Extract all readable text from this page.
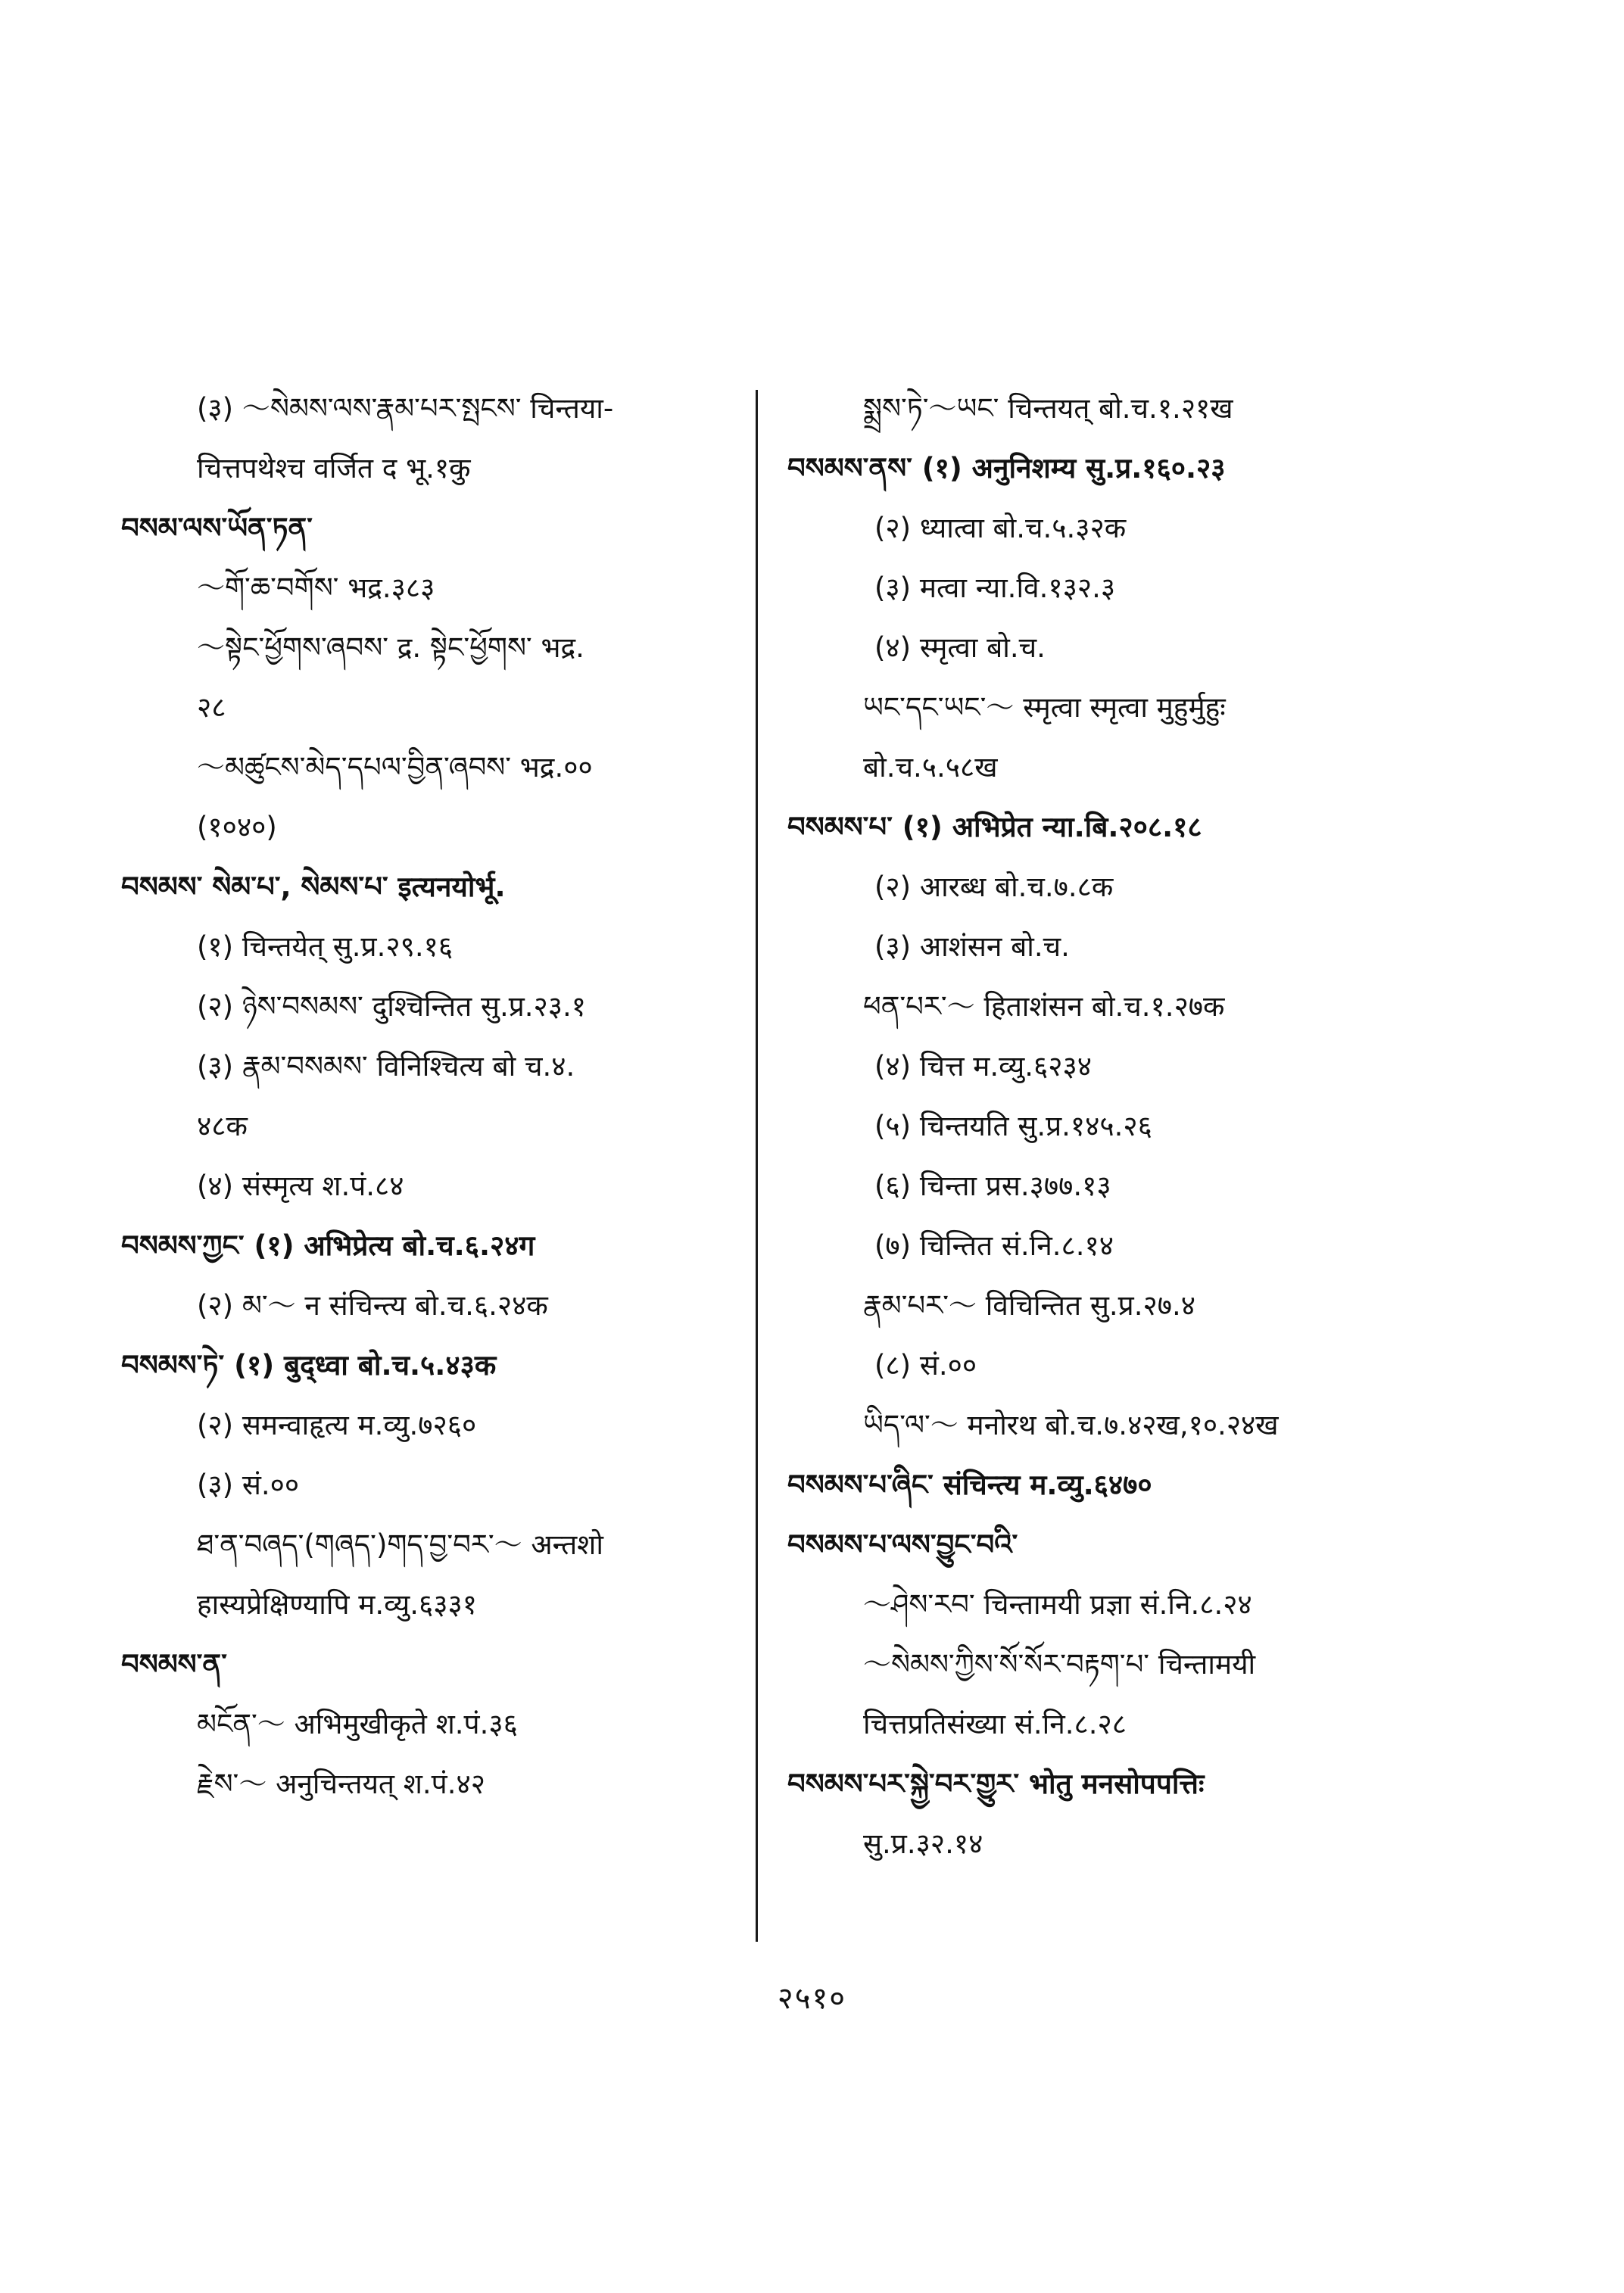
(३) ～སེམས་ལས་རྣམ་པར་སྤངས་ चिन्तया-
चित्तपथेश्च वर्जित द भू.१कु
བསམ་ལས་ཡོན་ཏན་
～གོ་ཆ་བགོས་ भद्र.३८३
～སྟེང་ཕྱོགས་ཞབས་ द्र. སྟེང་ཕྱོགས་ भद्र.
२८
～མཚུངས་མེད་དཔལ་བྱིན་ཞབས་ भद्र.००
(१०४०)
བསམས་ སེམ་པ་, སེམས་པ་ इत्यनयोर्भू.
(१) चिन्तयेत् सु.प्र.२९.१६
(२) ཉེས་བསམས་ दुश्चिन्तित सु.प्र.२३.१
(३) རྣམ་བསམས་ विनिश्चित्य बो च.४.
४८क
(४) संस्मृत्य श.पं.८४
བསམས་ཀྱང་ (१) अभिप्रेत्य बो.च.६.२४ग
(२) མ་～ न संचिन्त्य बो.च.६.२४क
བསམས་ཏེ་ (१) बुद्ध्वा बो.च.५.४३क
(२) समन्वाहृत्य म.व्यु.७२६०
(३) सं.००
ཐ་ན་བཞད་(གཞད་)གད་བྱ་བར་～ अन्तशो
हास्यप्रेक्षिण्यापि म.व्यु.६३३१
བསམས་ན་
མངོན་～ अभिमुखीकृते श.पं.३६
རྗེས་～ अनुचिन्तयत् श.पं.४२
སྨྲས་ཏེ་～ཡང་ चिन्तयत् बो.च.१.२१ख
བསམས་ནས་ (१) अनुनिशम्य सु.प्र.१६०.२३
(२) ध्यात्वा बो.च.५.३२क
(३) मत्वा न्या.वि.१३२.३
(४) स्मृत्वा बो.च.
ཡང་དང་ཡང་～ स्मृत्वा स्मृत्वा मुहुर्मुहुः
बो.च.५.५८ख
བསམས་པ་ (१) अभिप्रेत न्या.बि.२०८.१८
(२) आरब्ध बो.च.७.८क
(३) आशंसन बो.च.
ཕན་པར་～ हिताशंसन बो.च.१.२७क
(४) चित्त म.व्यु.६२३४
(५) चिन्तयति सु.प्र.१४५.२६
(६) चिन्ता प्रस.३७७.१३
(७) चिन्तित सं.नि.८.१४
རྣམ་པར་～ विचिन्तित सु.प्र.२७.४
(८) सं.००
ཡིད་ལ་～ मनोरथ बो.च.७.४२ख,१०.२४ख
བསམས་པ་ཞིང་ संचिन्त्य म.व्यु.६४७०
བསམས་པ་ལས་བྱུང་བའི་
～ཤེས་རབ་ चिन्तामयी प्रज्ञा सं.नि.८.२४
～སེམས་ཀྱིས་སོ་སོར་བརྟག་པ་ चिन्तामयी
चित्तप्रतिसंख्या सं.नि.८.२८
བསམས་པར་སྐྱེ་བར་གྱུར་ भोतु मनसोपपत्तिः
सु.प्र.३२.१४
२५१०
